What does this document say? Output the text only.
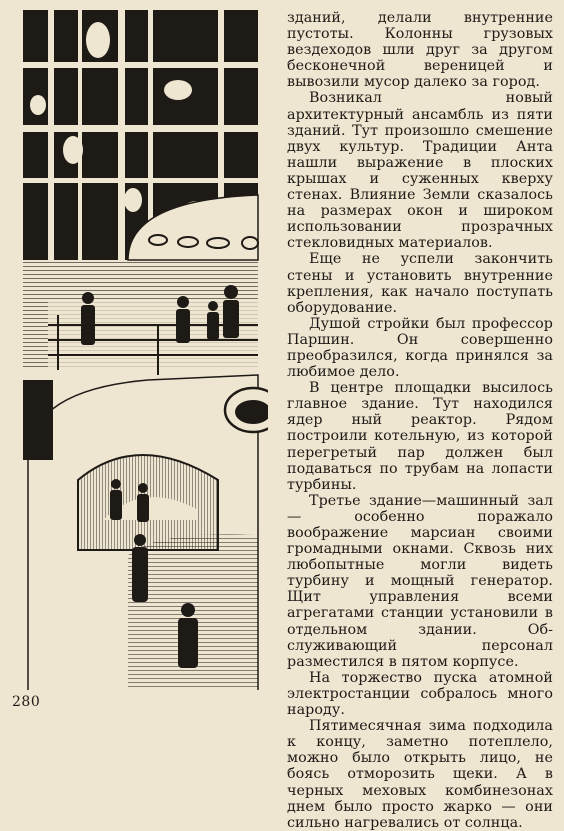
зданий, делали внутренние пустоты. Колонны грузовых вездеходов шли друг за другом бесконечной вереницей	и вывозили мусор далеко за город.

Возникал новый архитектурный ансамбль из пяти зданий. Тут произошло смешение двух культур. Традиции Анта нашли выражение в плоских крышах и суженных кверху стенах. Влияние Земли сказалось на размерах окон и широком использовании прозрачных стекловидных материалов.

Еще не успели закончить стены и установить внутренние крепления, как начало поступать оборудование.

Душой стройки был профессор Паршин. Он совершенно преобразился, когда принялся за любимое дело.

В центре площадки высилось главное здание. Тут находился ядер ный реактор. Рядом построили котельную, из которой перегретый пар должен был подаваться по трубам на лопасти турбины.

Третье здание—машинный зал—	особенно поражало воображение марсиан своими громадными окнами. Сквозь них любопытные могли видеть турбину и мощный генератор. Щит	управления всеми агрегатами станции установили в отдельном здании. Обслуживающий персонал разместился в пятом корпусе.

На торжество пуска атомной электростанции собралось много народу.

Пятимесячная зима подходила к концу, заметно потеплело, можно было открыть лицо, не боясь отморозить щеки. А в черных меховых комбинезонах днем было просто жарко — они сильно нагревались от солнца.

280
